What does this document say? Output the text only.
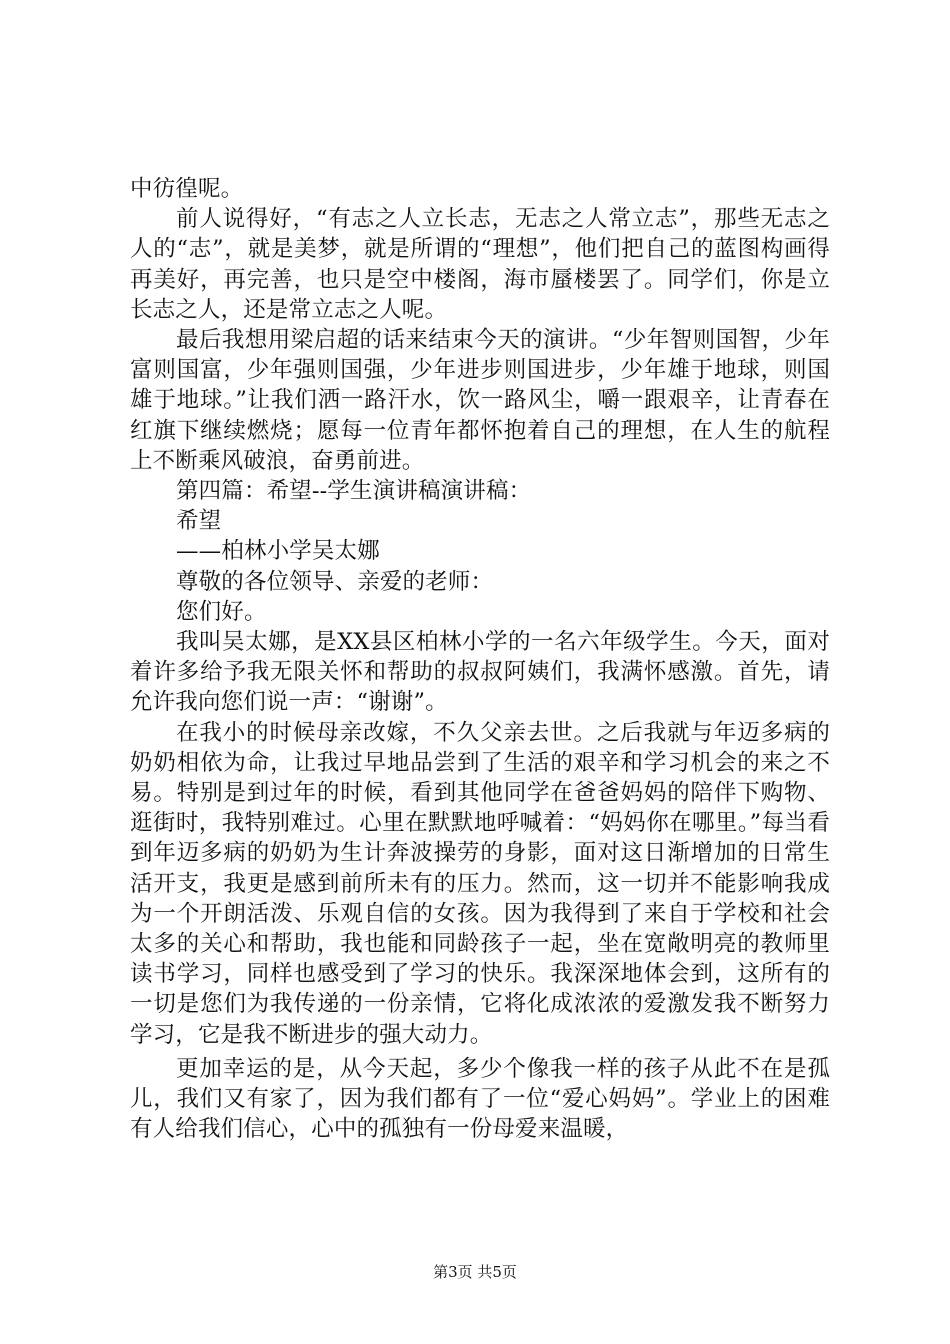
中彷徨呢。

前人说得好，“有志之人立长志，无志之人常立志”，那些无志之人的“志”，就是美梦，就是所谓的“理想”，他们把自己的蓝图构画得再美好，再完善，也只是空中楼阁，海市蜃楼罢了。同学们，你是立长志之人，还是常立志之人呢。

最后我想用梁启超的话来结束今天的演讲。“少年智则国智，少年富则国富，少年强则国强，少年进步则国进步，少年雄于地球，则国雄于地球。”让我们洒一路汗水，饮一路风尘，嚼一跟艰辛，让青春在红旗下继续燃烧；愿每一位青年都怀抱着自己的理想，在人生的航程上不断乘风破浪，奋勇前进。

第四篇：希望--学生演讲稿演讲稿：

希望

——柏林小学吴太娜

尊敬的各位领导、亲爱的老师：

您们好。

我叫吴太娜，是XX县区柏林小学的一名六年级学生。今天，面对着许多给予我无限关怀和帮助的叔叔阿姨们，我满怀感激。首先，请允许我向您们说一声：“谢谢”。

在我小的时候母亲改嫁，不久父亲去世。之后我就与年迈多病的奶奶相依为命，让我过早地品尝到了生活的艰辛和学习机会的来之不易。特别是到过年的时候，看到其他同学在爸爸妈妈的陪伴下购物、逛街时，我特别难过。心里在默默地呼喊着：“妈妈你在哪里。”每当看到年迈多病的奶奶为生计奔波操劳的身影，面对这日渐增加的日常生活开支，我更是感到前所未有的压力。然而，这一切并不能影响我成为一个开朗活泼、乐观自信的女孩。因为我得到了来自于学校和社会太多的关心和帮助，我也能和同龄孩子一起，坐在宽敞明亮的教师里读书学习，同样也感受到了学习的快乐。我深深地体会到，这所有的一切是您们为我传递的一份亲情，它将化成浓浓的爱激发我不断努力学习，它是我不断进步的强大动力。

更加幸运的是，从今天起，多少个像我一样的孩子从此不在是孤儿，我们又有家了，因为我们都有了一位“爱心妈妈”。学业上的困难有人给我们信心，心中的孤独有一份母爱来温暖，

第3页 共5页
